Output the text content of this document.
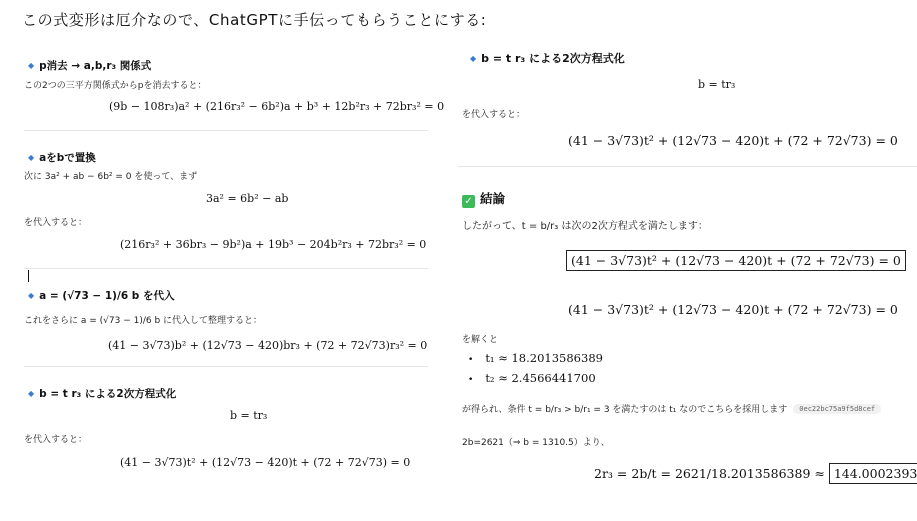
この式変形は厄介なので、ChatGPTに手伝ってもらうことにする:
◆ p消去 → a,b,r₃ 関係式
この2つの三平方関係式からpを消去すると：
(9b − 108r₃)a² + (216r₃² − 6b²)a + b³ + 12b²r₃ + 72br₃² = 0
◆ aをbで置換
次に 3a² + ab − 6b² = 0 を使って、まず
3a² = 6b² − ab
を代入すると：
(216r₃² + 36br₃ − 9b²)a + 19b³ − 204b²r₃ + 72br₃² = 0
◆ a = (√73 − 1)/6 b を代入
これをさらに a = (√73 − 1)/6 b に代入して整理すると：
(41 − 3√73)b² + (12√73 − 420)br₃ + (72 + 72√73)r₃² = 0
◆ b = t r₃ による2次方程式化
b = tr₃
を代入すると：
(41 − 3√73)t² + (12√73 − 420)t + (72 + 72√73) = 0
◆ b = t r₃ による2次方程式化
b = tr₃
を代入すると：
(41 − 3√73)t² + (12√73 − 420)t + (72 + 72√73) = 0
✓ 結論
したがって、t = b/r₃ は次の2次方程式を満たします：
(41 − 3√73)t² + (12√73 − 420)t + (72 + 72√73) = 0
(41 − 3√73)t² + (12√73 − 420)t + (72 + 72√73) = 0
を解くと
• t₁ ≈ 18.2013586389
• t₂ ≈ 2.4566441700
が得られ、条件 t = b/r₃ > b/r₁ = 3 を満たすのは t₁ なのでこちらを採用します 0ec22bc75a9f5d8cef
2b=2621（⇒ b = 1310.5）より、
2r₃ = 2b/t = 2621/18.2013586389 ≈ 144.0002393
